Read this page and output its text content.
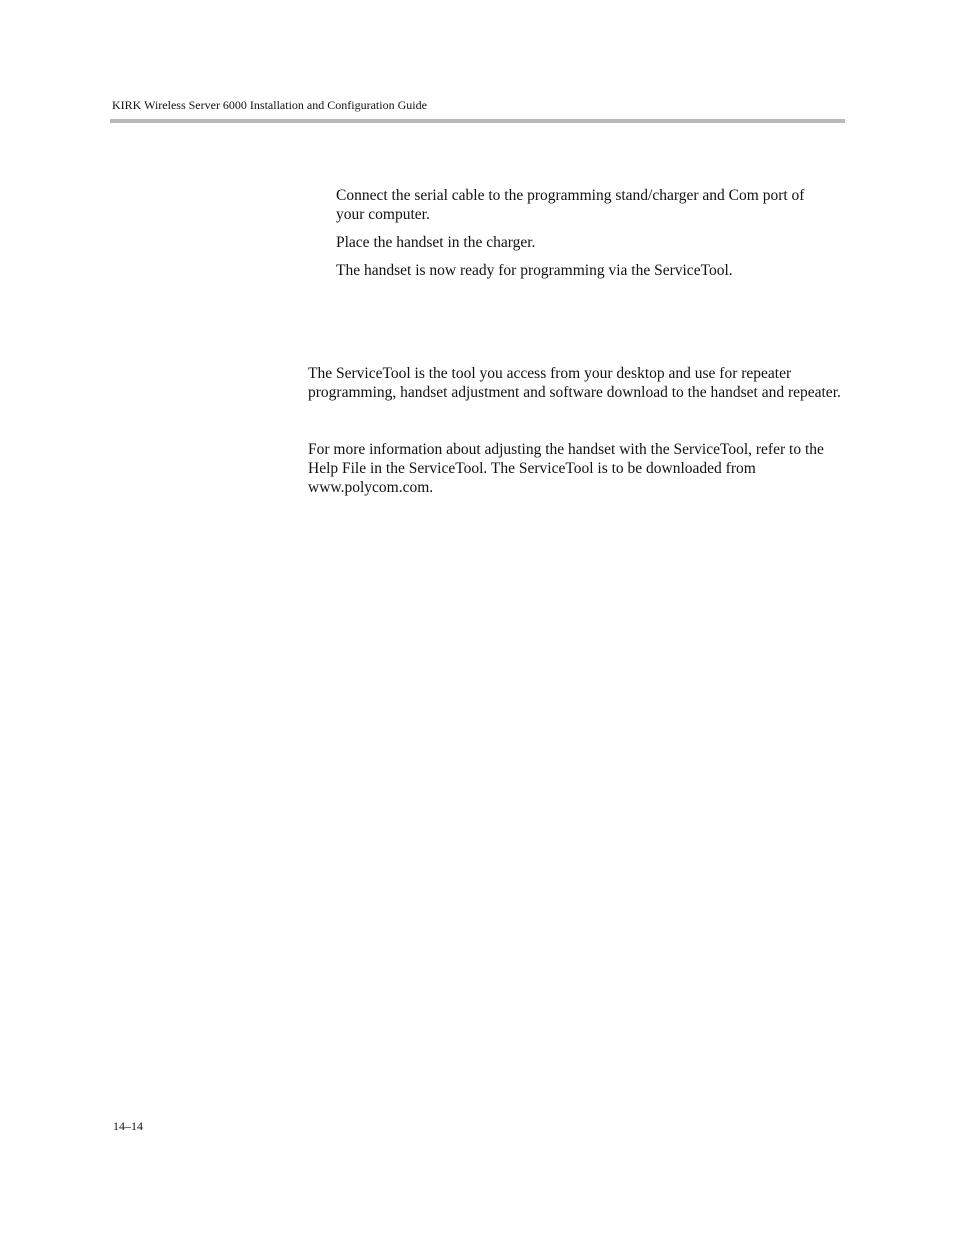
KIRK Wireless Server 6000 Installation and Configuration Guide
Connect the serial cable to the programming stand/charger and Com port of your computer.
Place the handset in the charger.
The handset is now ready for programming via the ServiceTool.
The ServiceTool is the tool you access from your desktop and use for repeater programming, handset adjustment and software download to the handset and repeater.
For more information about adjusting the handset with the ServiceTool, refer to the Help File in the ServiceTool. The ServiceTool is to be downloaded from www.polycom.com.
14–14
